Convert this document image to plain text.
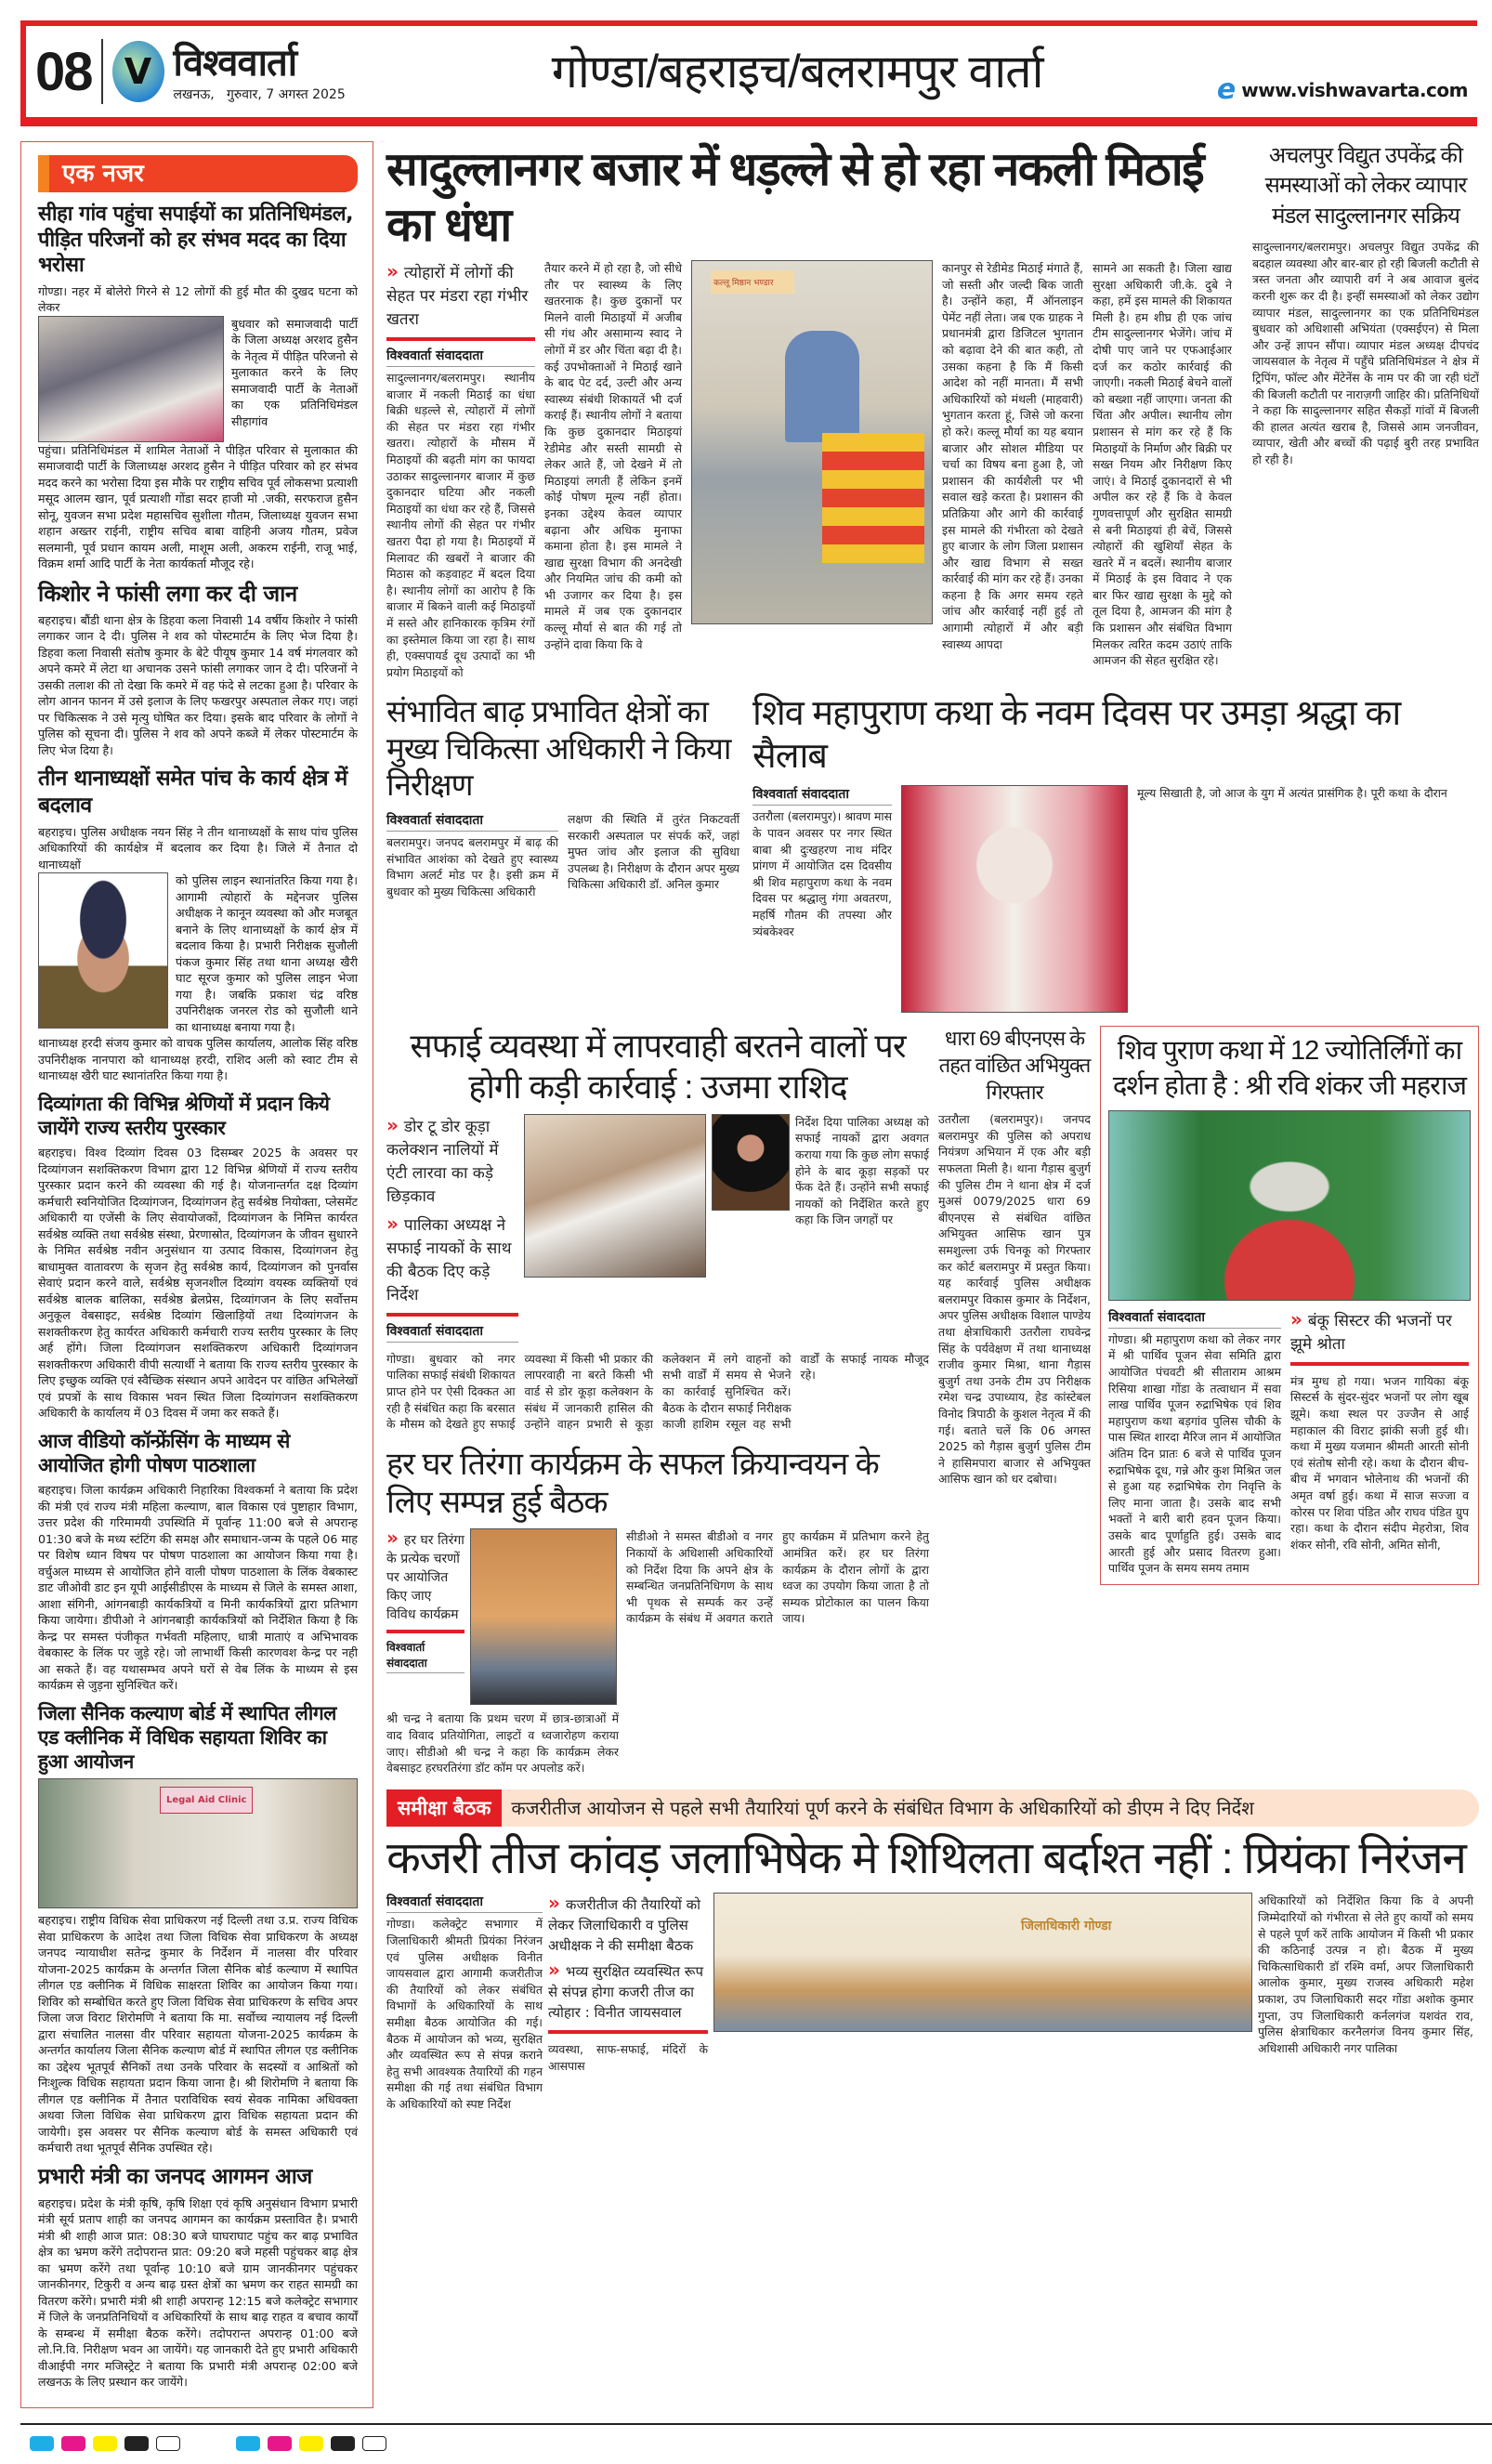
08 V विश्ववार्ता
लखनऊ,   गुरुवार, 7 अगस्त 2025	गोण्डा/बहराइच/बलरामपुर वार्ता	e www.vishwavarta.com
एक नजर
सीहा गांव पहुंचा सपाईयों का प्रतिनिधिमंडल, पीड़ित परिजनों को हर संभव मदद का दिया भरोसा
गोण्डा। नहर में बोलेरो गिरने से 12 लोगों की हुई मौत की दुखद घटना को लेकर
बुधवार को समाजवादी पार्टी के जिला अध्यक्ष अरशद हुसैन के नेतृत्व में पीड़ित परिजनो से मुलाकात करने के लिए समाजवादी पार्टी के नेताओं का एक प्रतिनिधिमंडल सीहागांव
पहुंचा। प्रतिनिधिमंडल में शामिल नेताओं ने पीड़ित परिवार से मुलाकात की समाजवादी पार्टी के जिलाध्यक्ष अरशद हुसैन ने पीड़ित परिवार को हर संभव मदद करने का भरोसा दिया इस मौके पर राष्ट्रीय सचिव पूर्व लोकसभा प्रत्याशी मसूद आलम खान, पूर्व प्रत्याशी गोंडा सदर हाजी मो .जकी, सरफराज हुसैन सोनू, युवजन सभा प्रदेश महासचिव सुशीला गौतम, जिलाध्यक्ष युवजन सभा शहान अख्तर राईनी, राष्ट्रीय सचिव बाबा वाहिनी अजय गौतम, प्रवेज सलमानी, पूर्व प्रधान कायम अली, माशूम अली, अकरम राईनी, राजू भाई, विक्रम शर्मा आदि पार्टी के नेता कार्यकर्ता मौजूद रहे।
किशोर ने फांसी लगा कर दी जान
बहराइच। बौंडी थाना क्षेत्र के डिहवा कला निवासी 14 वर्षीय किशोर ने फांसी लगाकर जान दे दी। पुलिस ने शव को पोस्टमार्टम के लिए भेज दिया है। डिहवा कला निवासी संतोष कुमार के बेटे पीयूष कुमार 14 वर्ष मंगलवार को अपने कमरे में लेटा था अचानक उसने फांसी लगाकर जान दे दी। परिजनों ने उसकी तलाश की तो देखा कि कमरे में वह फंदे से लटका हुआ है। परिवार के लोग आनन फानन में उसे इलाज के लिए फखरपुर अस्पताल लेकर गए। जहां पर चिकित्सक ने उसे मृत्यु घोषित कर दिया। इसके बाद परिवार के लोगों ने पुलिस को सूचना दी। पुलिस ने शव को अपने कब्जे में लेकर पोस्टमार्टम के लिए भेज दिया है।
तीन थानाध्यक्षों समेत पांच के कार्य क्षेत्र में बदलाव
बहराइच। पुलिस अधीक्षक नयन सिंह ने तीन थानाध्यक्षों के साथ पांच पुलिस अधिकारियों की कार्यक्षेत्र में बदलाव कर दिया है। जिले में तैनात दो थानाध्यक्षों
को पुलिस लाइन स्थानांतरित किया गया है। आगामी त्योहारों के मद्देनजर पुलिस अधीक्षक ने कानून व्यवस्था को और मजबूत बनाने के लिए थानाध्यक्षों के कार्य क्षेत्र में बदलाव किया है। प्रभारी निरीक्षक सुजौली पंकज कुमार सिंह तथा थाना अध्यक्ष खैरी घाट सूरज कुमार को पुलिस लाइन भेजा गया है। जबकि प्रकाश चंद्र वरिष्ठ उपनिरीक्षक जनरल रोड को सुजौली थाने का थानाध्यक्ष बनाया गया है।
थानाध्यक्ष हरदी संजय कुमार को वाचक पुलिस कार्यालय, आलोक सिंह वरिष्ठ उपनिरीक्षक नानपारा को थानाध्यक्ष हरदी, राशिद अली को स्वाट टीम से थानाध्यक्ष खैरी घाट स्थानांतरित किया गया है।
दिव्यांगता की विभिन्न श्रेणियों में प्रदान किये जायेंगे राज्य स्तरीय पुरस्कार
बहराइच। विश्व दिव्यांग दिवस 03 दिसम्बर 2025 के अवसर पर दिव्यांगजन सशक्तिकरण विभाग द्वारा 12 विभिन्न श्रेणियों में राज्य स्तरीय पुरस्कार प्रदान करने की व्यवस्था की गई है। योजनान्तर्गत दक्ष दिव्यांग कर्मचारी स्वनियोजित दिव्यांगजन, दिव्यांगजन हेतु सर्वश्रेष्ठ नियोक्ता, प्लेसमेंट अधिकारी या एजेंसी के लिए सेवायोजकों, दिव्यांगजन के निमित्त कार्यरत सर्वश्रेष्ठ व्यक्ति तथा सर्वश्रेष्ठ संस्था, प्रेरणास्रोत, दिव्यांगजन के जीवन सुधारने के निमित सर्वश्रेष्ठ नवीन अनुसंधान या उत्पाद विकास, दिव्यांगजन हेतु बाधामुक्त वातावरण के सृजन हेतु सर्वश्रेष्ठ कार्य, दिव्यांगजन को पुनर्वास सेवाएं प्रदान करने वाले, सर्वश्रेष्ठ सृजनशील दिव्यांग वयस्क व्यक्तियों एवं सर्वश्रेष्ठ बालक बालिका, सर्वश्रेष्ठ ब्रेलप्रेस, दिव्यांगजन के लिए सर्वोत्तम अनुकूल वेबसाइट, सर्वश्रेष्ठ दिव्यांग खिलाड़ियों तथा दिव्यांगजन के सशक्तीकरण हेतु कार्यरत अधिकारी कर्मचारी राज्य स्तरीय पुरस्कार के लिए अर्ह होंगे। जिला दिव्यांगजन सशक्तिकरण अधिकारी दिव्यांगजन सशक्तीकरण अधिकारी वीपी सत्यार्थी ने बताया कि राज्य स्तरीय पुरस्कार के लिए इच्छुक व्यक्ति एवं स्वैच्छिक संस्थान अपने आवेदन पर वांछित अभिलेखों एवं प्रपत्रों के साथ विकास भवन स्थित जिला दिव्यांगजन सशक्तिकरण अधिकारी के कार्यालय में 03 दिवस में जमा कर सकते हैं।
आज वीडियो कॉन्फ्रेंसिंग के माध्यम से आयोजित होगी पोषण पाठशाला
बहराइच। जिला कार्यक्रम अधिकारी निहारिका विश्वकर्मा ने बताया कि प्रदेश की मंत्री एवं राज्य मंत्री महिला कल्याण, बाल विकास एवं पुष्टाहार विभाग, उत्तर प्रदेश की गरिमामयी उपस्थिति में पूर्वान्ह 11:00 बजे से अपरान्ह 01:30 बजे के मध्य स्टंटिंग की समक्ष और समाधान-जन्म के पहले 06 माह पर विशेष ध्यान विषय पर पोषण पाठशाला का आयोजन किया गया है। वर्चुअल माध्यम से आयोजित होने वाली पोषण पाठशाला के लिंक वेबकास्ट डाट जीओवी डाट इन यूपी आईसीडीएस के माध्यम से जिले के समस्त आशा, आशा संगिनी, आंगनबाड़ी कार्यकत्रियों व मिनी कार्यकत्रियों द्वारा प्रतिभाग किया जायेगा। डीपीओ ने आंगनबाड़ी कार्यकत्रियों को निर्देशित किया है कि केन्द्र पर समस्त पंजीकृत गर्भवती महिलाए, धात्री माताएं व अभिभावक वेबकास्ट के लिंक पर जुड़े रहे। जो लाभार्थी किसी कारणवश केन्द्र पर नही आ सकते हैं। वह यथासम्भव अपने घरों से वेब लिंक के माध्यम से इस कार्यक्रम से जुड़ना सुनिश्चित करें।
जिला सैनिक कल्याण बोर्ड में स्थापित लीगल एड क्लीनिक में विधिक सहायता शिविर का हुआ आयोजन
Legal Aid Clinic
बहराइच। राष्ट्रीय विधिक सेवा प्राधिकरण नई दिल्ली तथा उ.प्र. राज्य विधिक सेवा प्राधिकरण के आदेश तथा जिला विधिक सेवा प्राधिकरण के अध्यक्ष जनपद न्यायाधीश सतेन्द्र कुमार के निर्देशन में नालसा वीर परिवार योजना-2025 कार्यक्रम के अन्तर्गत जिला सैनिक बोर्ड कल्याण में स्थापित लीगल एड क्लीनिक में विधिक साक्षरता शिविर का आयोजन किया गया। शिविर को सम्बोधित करते हुए जिला विधिक सेवा प्राधिकरण के सचिव अपर जिला जज विराट शिरोमणि ने बताया कि मा. सर्वोच्च न्यायालय नई दिल्ली द्वारा संचालित नालसा वीर परिवार सहायता योजना-2025 कार्यक्रम के अन्तर्गत कार्यालय जिला सैनिक कल्याण बोर्ड में स्थापित लीगल एड क्लीनिक का उद्देश्य भूतपूर्व सैनिकों तथा उनके परिवार के सदस्यों व आश्रितों को निःशुल्क विधिक सहायता प्रदान किया जाना है। श्री शिरोमणि ने बताया कि लीगल एड क्लीनिक में तैनात पराविधिक स्वयं सेवक नामिका अधिवक्ता अथवा जिला विधिक सेवा प्राधिकरण द्वारा विधिक सहायता प्रदान की जायेगी। इस अवसर पर सैनिक कल्याण बोर्ड के समस्त अधिकारी एवं कर्मचारी तथा भूतपूर्व सैनिक उपस्थित रहे।
प्रभारी मंत्री का जनपद आगमन आज
बहराइच। प्रदेश के मंत्री कृषि, कृषि शिक्षा एवं कृषि अनुसंधान विभाग प्रभारी मंत्री सूर्य प्रताप शाही का जनपद आगमन का कार्यक्रम प्रस्तावित है। प्रभारी मंत्री श्री शाही आज प्रात: 08:30 बजे घाघराघाट पहुंच कर बाढ़ प्रभावित क्षेत्र का भ्रमण करेंगे तदोपरान्त प्रात: 09:20 बजे महसी पहुंचकर बाढ़ क्षेत्र का भ्रमण करेंगे तथा पूर्वान्ह 10:10 बजे ग्राम जानकीनगर पहुंचकर जानकीनगर, टिकुरी व अन्य बाढ़ ग्रस्त क्षेत्रों का भ्रमण कर राहत सामग्री का वितरण करेंगे। प्रभारी मंत्री श्री शाही अपरान्ह 12:15 बजे कलेक्ट्रेट सभागार में जिले के जनप्रतिनिधियों व अधिकारियों के साथ बाढ़ राहत व बचाव कार्यों के सम्बन्ध में समीक्षा बैठक करेंगे। तदोपरान्त अपरान्ह 01:00 बजे लो.नि.वि. निरीक्षण भवन आ जायेंगे। यह जानकारी देते हुए प्रभारी अधिकारी वीआईपी नगर मजिस्ट्रेट ने बताया कि प्रभारी मंत्री अपरान्ह 02:00 बजे लखनऊ के लिए प्रस्थान कर जायेंगे।
सादुल्लानगर बजार में धड़ल्ले से हो रहा नकली मिठाई का धंधा
» त्योहारों में लोगों की सेहत पर मंडरा रहा गंभीर खतरा
विश्ववार्ता संवाददाता
सादुल्लानगर/बलरामपुर। स्थानीय बाजार में नकली मिठाई का धंधा बिक्री धड़ल्ले से, त्योहारों में लोगों की सेहत पर मंडरा रहा गंभीर खतरा। त्योहारों के मौसम में मिठाइयों की बढ़ती मांग का फायदा उठाकर सादुल्लानगर बाजार में कुछ दुकानदार घटिया और नकली मिठाइयों का धंधा कर रहे हैं, जिससे स्थानीय लोगों की सेहत पर गंभीर खतरा पैदा हो गया है। मिठाइयों में मिलावट की खबरों ने बाजार की मिठास को कड़वाहट में बदल दिया है। स्थानीय लोगों का आरोप है कि बाजार में बिकने वाली कई मिठाइयों में सस्ते और हानिकारक कृत्रिम रंगों का इस्तेमाल किया जा रहा है। साथ ही, एक्सपायर्ड दूध उत्पादों का भी प्रयोग मिठाइयों को
तैयार करने में हो रहा है, जो सीधे तौर पर स्वास्थ्य के लिए खतरनाक है। कुछ दुकानों पर मिलने वाली मिठाइयों में अजीब सी गंध और असामान्य स्वाद ने लोगों में डर और चिंता बढ़ा दी है। कई उपभोक्ताओं ने मिठाई खाने के बाद पेट दर्द, उल्टी और अन्य स्वास्थ्य संबंधी शिकायतें भी दर्ज कराई हैं। स्थानीय लोगों ने बताया कि कुछ दुकानदार मिठाइयां रेडीमेड और सस्ती सामग्री से लेकर आते हैं, जो देखने में तो मिठाइयां लगती हैं लेकिन इनमें कोई पोषण मूल्य नहीं होता। इनका उद्देश्य केवल व्यापार बढ़ाना और अधिक मुनाफा कमाना होता है। इस मामले ने खाद्य सुरक्षा विभाग की अनदेखी और नियमित जांच की कमी को भी उजागर कर दिया है। इस मामले में जब एक दुकानदार कल्लू मौर्या से बात की गई तो उन्होंने दावा किया कि वे
कल्लू मिष्ठान भण्डार
कानपुर से रेडीमेड मिठाई मंगाते हैं, जो सस्ती और जल्दी बिक जाती है। उन्होंने कहा, मैं ऑनलाइन पेमेंट नहीं लेता। जब एक ग्राहक ने प्रधानमंत्री द्वारा डिजिटल भुगतान को बढ़ावा देने की बात कही, तो उसका कहना है कि मैं किसी आदेश को नहीं मानता। मैं सभी अधिकारियों को मंथली (माहवारी) भुगतान करता हूं, जिसे जो करना हो करे। कल्लू मौर्या का यह बयान बाजार और सोशल मीडिया पर चर्चा का विषय बना हुआ है, जो प्रशासन की कार्यशैली पर भी सवाल खड़े करता है। प्रशासन की प्रतिक्रिया और आगे की कार्रवाई इस मामले की गंभीरता को देखते हुए बाजार के लोग जिला प्रशासन और खाद्य विभाग से सख्त कार्रवाई की मांग कर रहे हैं। उनका कहना है कि अगर समय रहते जांच और कार्रवाई नहीं हुई तो आगामी त्योहारों में और बड़ी स्वास्थ्य आपदा
सामने आ सकती है। जिला खाद्य सुरक्षा अधिकारी जी.के. दुबे ने कहा, हमें इस मामले की शिकायत मिली है। हम शीघ्र ही एक जांच टीम सादुल्लानगर भेजेंगे। जांच में दोषी पाए जाने पर एफआईआर दर्ज कर कठोर कार्रवाई की जाएगी। नकली मिठाई बेचने वालों को बख्शा नहीं जाएगा। जनता की चिंता और अपील। स्थानीय लोग प्रशासन से मांग कर रहे हैं कि मिठाइयों के निर्माण और बिक्री पर सख्त नियम और निरीक्षण किए जाएं। वे मिठाई दुकानदारों से भी अपील कर रहे हैं कि वे केवल गुणवत्तापूर्ण और सुरक्षित सामग्री से बनी मिठाइयां ही बेचें, जिससे त्योहारों की खुशियाँ सेहत के खतरे में न बदलें। स्थानीय बाजार में मिठाई के इस विवाद ने एक बार फिर खाद्य सुरक्षा के मुद्दे को तूल दिया है, आमजन की मांग है कि प्रशासन और संबंधित विभाग मिलकर त्वरित कदम उठाएं ताकि आमजन की सेहत सुरक्षित रहे।
अचलपुर विद्युत उपकेंद्र की समस्याओं को लेकर व्यापार मंडल सादुल्लानगर सक्रिय
सादुल्लानगर/बलरामपुर। अचलपुर विद्युत उपकेंद्र की बदहाल व्यवस्था और बार-बार हो रही बिजली कटौती से त्रस्त जनता और व्यापारी वर्ग ने अब आवाज बुलंद करनी शुरू कर दी है। इन्हीं समस्याओं को लेकर उद्योग व्यापार मंडल, सादुल्लानगर का एक प्रतिनिधिमंडल बुधवार को अधिशासी अभियंता (एक्सईएन) से मिला और उन्हें ज्ञापन सौंपा। व्यापार मंडल अध्यक्ष दीपचंद जायसवाल के नेतृत्व में पहुँचे प्रतिनिधिमंडल ने क्षेत्र में ट्रिपिंग, फॉल्ट और मेंटेनेंस के नाम पर की जा रही घंटों की बिजली कटौती पर नाराज़गी जाहिर की। प्रतिनिधियों ने कहा कि सादुल्लानगर सहित सैकड़ों गांवों में बिजली की हालत अत्यंत खराब है, जिससे आम जनजीवन, व्यापार, खेती और बच्चों की पढ़ाई बुरी तरह प्रभावित हो रही है।
संभावित बाढ़ प्रभावित क्षेत्रों का मुख्य चिकित्सा अधिकारी ने किया निरीक्षण
विश्ववार्ता संवाददाता
बलरामपुर। जनपद बलरामपुर में बाढ़ की संभावित आशंका को देखते हुए स्वास्थ्य विभाग अलर्ट मोड पर है। इसी क्रम में बुधवार को मुख्य चिकित्सा अधिकारी
लक्षण की स्थिति में तुरंत निकटवर्ती सरकारी अस्पताल पर संपर्क करें, जहां मुफ्त जांच और इलाज की सुविधा उपलब्ध है। निरीक्षण के दौरान अपर मुख्य चिकित्सा अधिकारी डॉ. अनिल कुमार
शिव महापुराण कथा के नवम दिवस पर उमड़ा श्रद्धा का सैलाब
विश्ववार्ता संवाददाता
उतरौला (बलरामपुर)। श्रावण मास के पावन अवसर पर नगर स्थित बाबा श्री दुःखहरण नाथ मंदिर प्रांगण में आयोजित दस दिवसीय श्री शिव महापुराण कथा के नवम दिवस पर श्रद्धालु गंगा अवतरण, महर्षि गौतम की तपस्या और त्र्यंबकेश्वर
मूल्य सिखाती है, जो आज के युग में अत्यंत प्रासंगिक है। पूरी कथा के दौरान
सफाई व्यवस्था में लापरवाही बरतने वालों पर होगी कड़ी कार्रवाई : उजमा राशिद
» डोर टू डोर कूड़ा कलेक्शन नालियों में एंटी लारवा का कड़े छिड़काव
» पालिका अध्यक्ष ने सफाई नायकों के साथ की बैठक दिए कड़े निर्देश
विश्ववार्ता संवाददाता
निर्देश दिया पालिका अध्यक्ष को सफाई नायकों द्वारा अवगत कराया गया कि कुछ लोग सफाई होने के बाद कूड़ा सड़कों पर फेंक देते हैं। उन्होंने सभी सफाई नायकों को निर्देशित करते हुए कहा कि जिन जगहों पर
गोण्डा। बुधवार को नगर पालिका सफाई संबंधी शिकायत प्राप्त होने पर ऐसी दिक्कत आ रही है संबंधित कहा कि बरसात के मौसम को देखते हुए सफाई व्यवस्था में किसी भी प्रकार की लापरवाही ना बरते किसी भी वार्ड से डोर कूड़ा कलेक्शन के संबंध में जानकारी हासिल की उन्होंने वाहन प्रभारी से कूड़ा कलेक्शन में लगे वाहनों को सभी वार्डों में समय से भेजने का कार्रवाई सुनिश्चित करें। बैठक के दौरान सफाई निरीक्षक काजी हाशिम रसूल वह सभी वार्डों के सफाई नायक मौजूद रहे।
हर घर तिरंगा कार्यक्रम के सफल क्रियान्वयन के लिए सम्पन्न हुई बैठक
» हर घर तिरंगा के प्रत्येक चरणों पर आयोजित किए जाए विविध कार्यक्रम
विश्ववार्ता संवाददाता
श्री चन्द्र ने बताया कि प्रथम चरण में छात्र-छात्राओं में वाद विवाद प्रतियोगिता, लाइटों व ध्वजारोहण कराया जाए। सीडीओ श्री चन्द्र ने कहा कि कार्यक्रम लेकर वेबसाइट हरघरतिरंगा डॉट कॉम पर अपलोड करें।
सीडीओ ने समस्त बीडीओ व नगर निकायों के अधिशासी अधिकारियों को निर्देश दिया कि अपने क्षेत्र के सम्बन्धित जनप्रतिनिधिगण के साथ भी पृथक से सम्पर्क कर उन्हें कार्यक्रम के संबंध में अवगत कराते हुए कार्यक्रम में प्रतिभाग करने हेतु आमंत्रित करें। हर घर तिरंगा कार्यक्रम के दौरान लोगों के द्वारा ध्वज का उपयोग किया जाता है तो सम्यक प्रोटोकाल का पालन किया जाय।
धारा 69 बीएनएस के तहत वांछित अभियुक्त गिरफ्तार
उतरौला (बलरामपुर)। जनपद बलरामपुर की पुलिस को अपराध नियंत्रण अभियान में एक और बड़ी सफलता मिली है। थाना गैड़ास बुजुर्ग की पुलिस टीम ने थाना क्षेत्र में दर्ज मुअसं 0079/2025 धारा 69 बीएनएस से संबंधित वांछित अभियुक्त आसिफ खान पुत्र समशुल्ला उर्फ चिनकू को गिरफ्तार कर कोर्ट बलरामपुर में प्रस्तुत किया। यह कार्रवाई पुलिस अधीक्षक बलरामपुर विकास कुमार के निर्देशन, अपर पुलिस अधीक्षक विशाल पाण्डेय तथा क्षेत्राधिकारी उतरौला राघवेन्द्र सिंह के पर्यवेक्षण में तथा थानाध्यक्ष राजीव कुमार मिश्रा, थाना गैड़ास बुजुर्ग तथा उनके टीम उप निरीक्षक रमेश चन्द्र उपाध्याय, हेड कांस्टेबल विनोद त्रिपाठी के कुशल नेतृत्व में की गई। बताते चलें कि 06 अगस्त 2025 को गैड़ास बुजुर्ग पुलिस टीम ने हासिमपारा बाजार से अभियुक्त आसिफ खान को धर दबोचा।
शिव पुराण कथा में 12 ज्योतिर्लिंगों का दर्शन होता है : श्री रवि शंकर जी महराज
विश्ववार्ता संवाददाता
गोण्डा। श्री महापुराण कथा को लेकर नगर में श्री पार्थिव पूजन सेवा समिति द्वारा आयोजित पंचवटी श्री सीताराम आश्रम रिसिया शाखा गोंडा के तत्वाधान में सवा लाख पार्थिव पूजन रुद्राभिषेक एवं शिव महापुराण कथा बड़गांव पुलिस चौकी के पास स्थित शारदा मैरिज लान में आयोजित अंतिम दिन प्रातः 6 बजे से पार्थिव पूजन रुद्राभिषेक दूध, गन्ने और कुश मिश्रित जल से हुआ यह रुद्राभिषेक रोग निवृत्ति के लिए माना जाता है। उसके बाद सभी भक्तों ने बारी बारी हवन पूजन किया। उसके बाद पूर्णाहुति हुई। उसके बाद आरती हुई और प्रसाद वितरण हुआ। पार्थिव पूजन के समय समय तमाम
» बंकू सिस्टर की भजनों पर झूमे श्रोता
मंत्र मुग्ध हो गया। भजन गायिका बंकू सिस्टर्स के सुंदर-सुंदर भजनों पर लोग खूब झूमे। कथा स्थल पर उज्जैन से आई महाकाल की विराट झांकी सजी हुई थी। कथा में मुख्य यजमान श्रीमती आरती सोनी एवं संतोष सोनी रहे। कथा के दौरान बीच-बीच में भगवान भोलेनाथ की भजनों की अमृत वर्षा हुई। कथा में साज सज्जा व कोरस पर शिवा पंडित और राघव पंडित ग्रुप रहा। कथा के दौरान संदीप मेहरोत्रा, शिव शंकर सोनी, रवि सोनी, अमित सोनी,
समीक्षा बैठक	कजरीतीज आयोजन से पहले सभी तैयारियां पूर्ण करने के संबंधित विभाग के अधिकारियों को डीएम ने दिए निर्देश
कजरी तीज कांवड़ जलाभिषेक मे शिथिलता बर्दाश्त नहीं : प्रियंका निरंजन
विश्ववार्ता संवाददाता
गोण्डा। कलेक्ट्रेट सभागार में जिलाधिकारी श्रीमती प्रियंका निरंजन एवं पुलिस अधीक्षक विनीत जायसवाल द्वारा आगामी कजरीतीज की तैयारियों को लेकर संबंधित विभागों के अधिकारियों के साथ समीक्षा बैठक आयोजित की गई। बैठक में आयोजन को भव्य, सुरक्षित और व्यवस्थित रूप से संपन्न कराने हेतु सभी आवश्यक तैयारियों की गहन समीक्षा की गई तथा संबंधित विभाग के अधिकारियों को स्पष्ट निर्देश
» कजरीतीज की तैयारियों को लेकर जिलाधिकारी व पुलिस अधीक्षक ने की समीक्षा बैठक
» भव्य सुरक्षित व्यवस्थित रूप से संपन्न होगा कजरी तीज का त्योहार : विनीत जायसवाल
व्यवस्था, साफ-सफाई, मंदिरों के आसपास
जिलाधिकारी गोण्डा
अधिकारियों को निर्देशित किया कि वे अपनी जिम्मेदारियों को गंभीरता से लेते हुए कार्यों को समय से पहले पूर्ण करें ताकि आयोजन में किसी भी प्रकार की कठिनाई उत्पन्न न हो। बैठक में मुख्य चिकित्साधिकारी डॉ रश्मि वर्मा, अपर जिलाधिकारी आलोक कुमार, मुख्य राजस्व अधिकारी महेश प्रकाश, उप जिलाधिकारी सदर गोंडा अशोक कुमार गुप्ता, उप जिलाधिकारी कर्नलगंज यशवंत राव, पुलिस क्षेत्राधिकार करनैलगंज विनय कुमार सिंह, अधिशासी अधिकारी नगर पालिका
